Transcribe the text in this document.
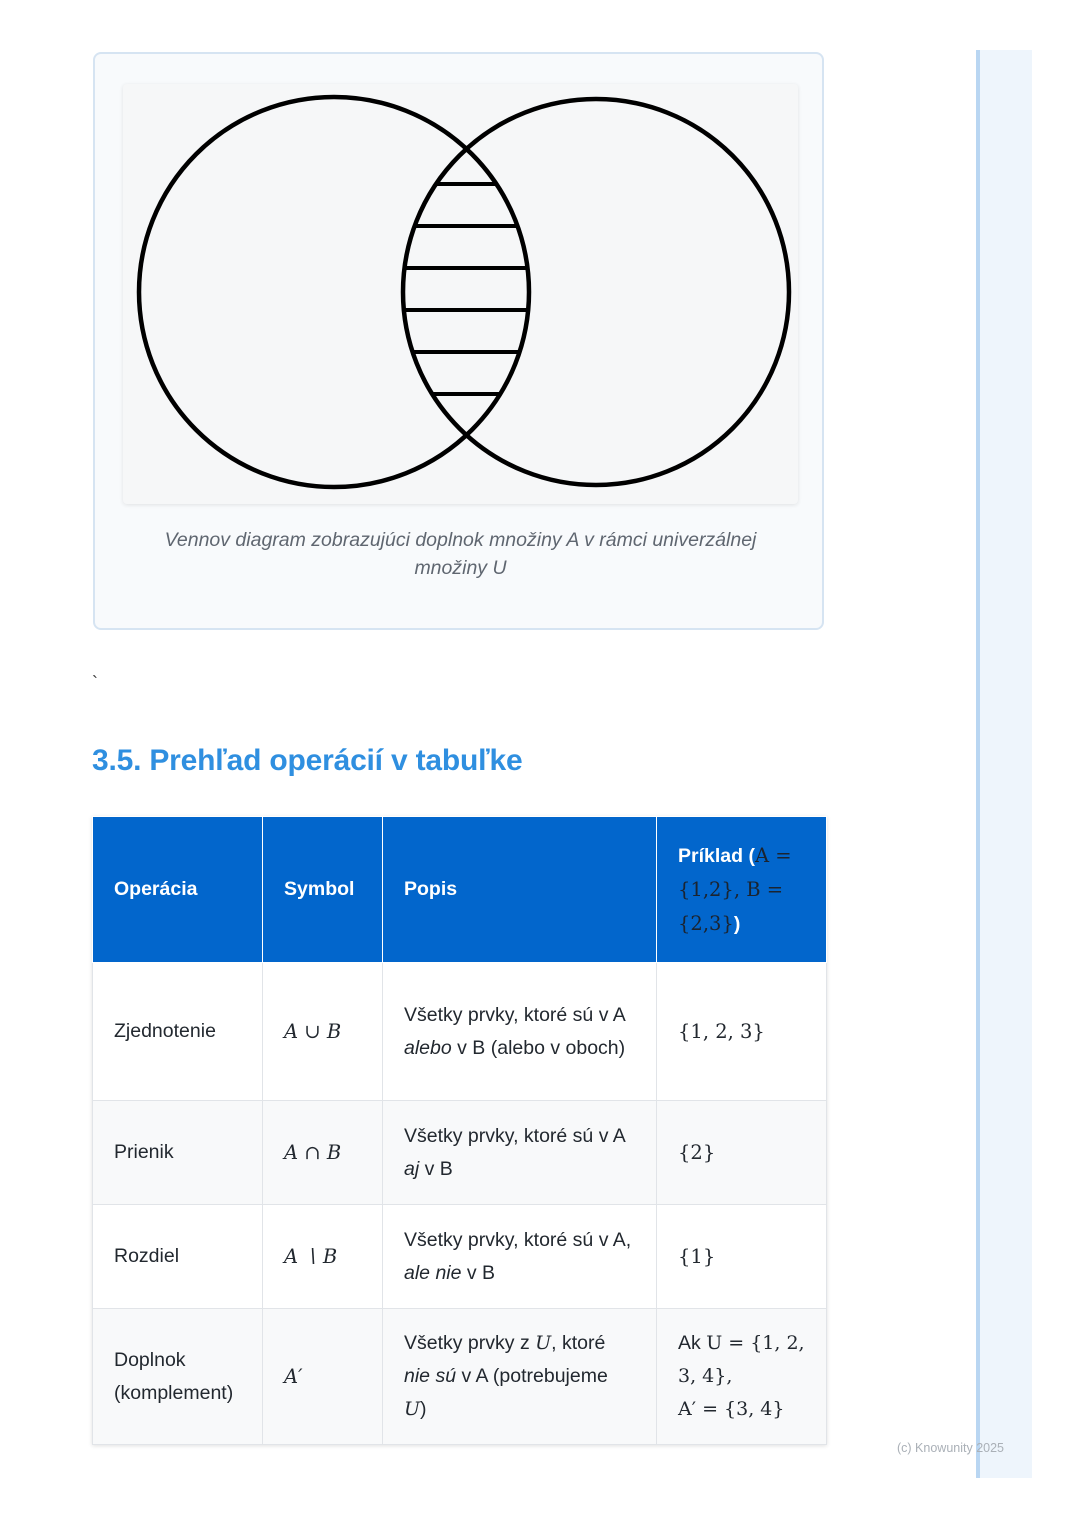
Vennov diagram zobrazujúci doplnok množiny A v rámci univerzálnej množiny U
`
3.5. Prehľad operácií v tabuľke
Operácia	Symbol	Popis	Príklad (A = {1,2}, B = {2,3})
Zjednotenie	A ∪ B	Všetky prvky, ktoré sú v A alebo v B (alebo v oboch)	{1, 2, 3}
Prienik	A ∩ B	Všetky prvky, ktoré sú v A aj v B	{2}
Rozdiel	A ∖ B	Všetky prvky, ktoré sú v A, ale nie v B	{1}
Doplnok (komplement)	A′	Všetky prvky z U, ktoré nie sú v A (potrebujeme U)	Ak U = {1, 2, 3, 4},
A′ = {3, 4}
(c) Knowunity 2025
